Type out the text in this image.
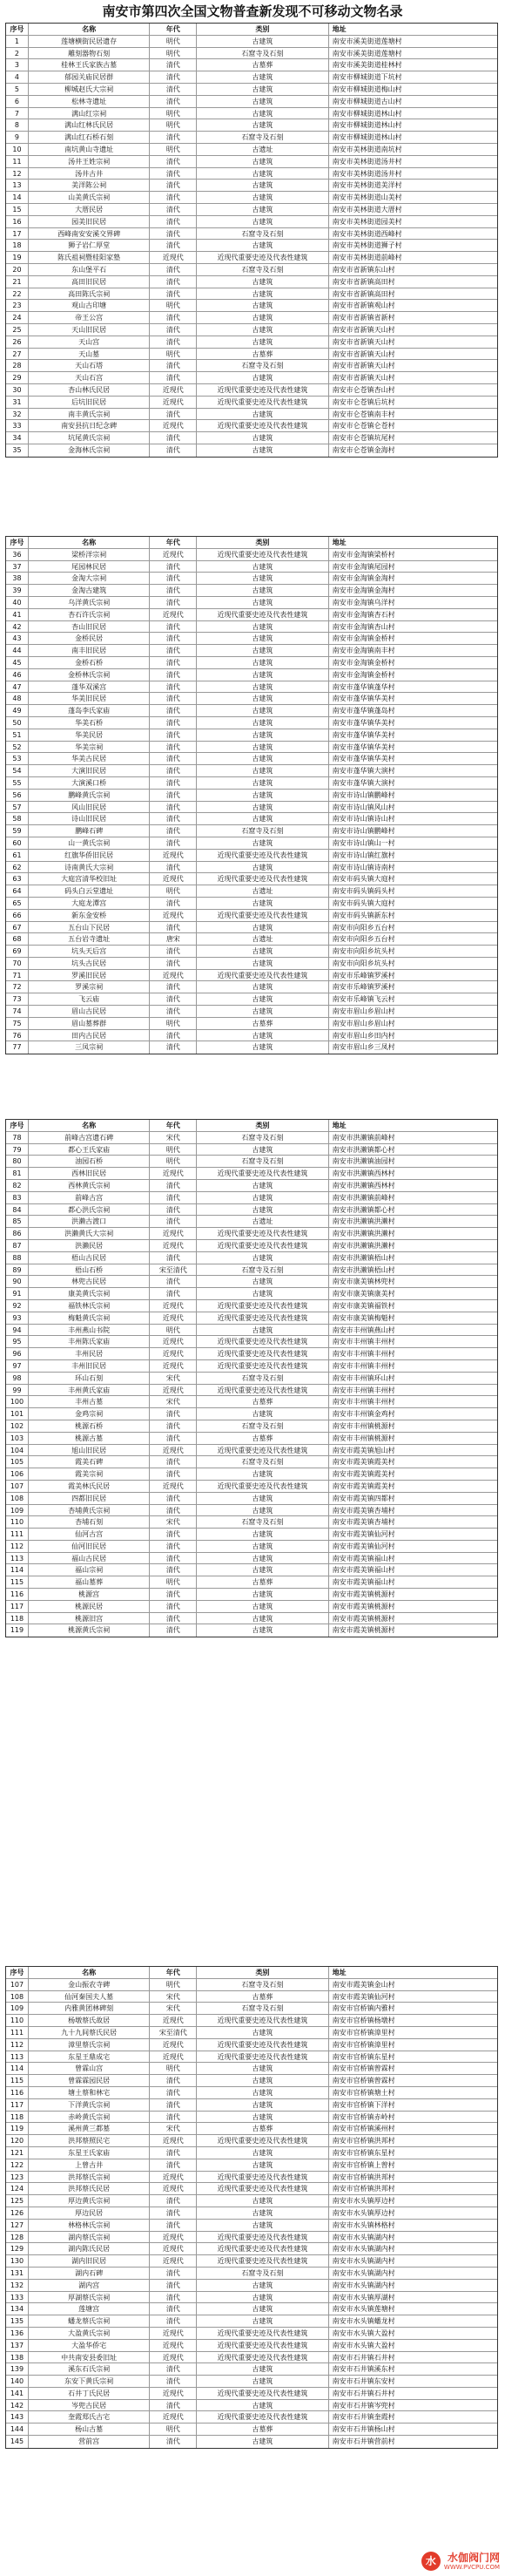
南安市第四次全国文物普查新发现不可移动文物名录
序号	名称	年代	类别	地址
1	莲塘横街民居遗存	明代	古建筑	南安市溪美街道莲塘村
2	雕刻器物石刻	明代	石窟寺及石刻	南安市溪美街道莲塘村
3	桂林王氏家族古墓	清代	古墓葬	南安市溪美街道桂林村
4	郁园关庙民居群	清代	古建筑	南安市柳城街道下坑村
5	柳城赵氏大宗祠	清代	古建筑	南安市柳城街道梅山村
6	松林寺遗址	清代	古建筑	南安市柳城街道古山村
7	满山红宗祠	明代	古建筑	南安市柳城街道林山村
8	满山红林氏民居	明代	古建筑	南安市柳城街道林山村
9	满山红石桥石刻	清代	石窟寺及石刻	南安市柳城街道林山村
10	南坑黄山寺遗址	明代	古遗址	南安市美林街道南坑村
11	汤井王姓宗祠	清代	古建筑	南安市美林街道汤井村
12	汤井古井	清代	古建筑	南安市美林街道汤井村
13	美洋陈公祠	清代	古建筑	南安市美林街道美洋村
14	山美黄氏宗祠	清代	古建筑	南安市美林街道山美村
15	大厝民居	清代	古建筑	南安市美林街道大厝村
16	园美旧民居	清代	古建筑	南安市美林街道园美村
17	西峰南安安溪交界碑	清代	石窟寺及石刻	南安市美林街道西峰村
18	狮子岩仁厚堂	清代	古建筑	南安市美林街道狮子村
19	陈氏祖祠暨桂阳家塾	近现代	近现代重要史迹及代表性建筑	南安市美林街道前峰村
20	东山堡平石	清代	石窟寺及石刻	南安市省新镇东山村
21	高田旧民居	清代	古建筑	南安市省新镇高田村
22	高田陈氏宗祠	清代	古建筑	南安市省新镇高田村
23	观山古印塘	明代	古建筑	南安市省新镇观山村
24	帝王公宫	清代	古建筑	南安市省新镇省新村
25	天山旧民居	清代	古建筑	南安市省新镇天山村
26	天山宫	清代	古建筑	南安市省新镇天山村
27	天山墓	明代	古墓葬	南安市省新镇天山村
28	天山石塔	清代	石窟寺及石刻	南安市省新镇天山村
29	天山石宫	清代	古建筑	南安市省新镇天山村
30	杏山林氏民居	近现代	近现代重要史迹及代表性建筑	南安市仑苍镇杏山村
31	后坑旧民居	近现代	近现代重要史迹及代表性建筑	南安市仑苍镇后坑村
32	南丰黄氏宗祠	清代	古建筑	南安市仑苍镇南丰村
33	南安县抗日纪念碑	近现代	近现代重要史迹及代表性建筑	南安市仑苍镇仑苍村
34	坑尾黄氏宗祠	清代	古建筑	南安市仑苍镇坑尾村
35	金海林氏宗祠	清代	古建筑	南安市仑苍镇金海村
序号	名称	年代	类别	地址
36	梁桥洋宗祠	近现代	近现代重要史迹及代表性建筑	南安市金淘镇梁桥村
37	尾园林民居	清代	古建筑	南安市金淘镇尾园村
38	金淘大宗祠	清代	古建筑	南安市金淘镇金淘村
39	金淘古建筑	清代	古建筑	南安市金淘镇金淘村
40	乌洋黄氏宗祠	清代	古建筑	南安市金淘镇乌洋村
41	杏石许氏宗祠	近现代	近现代重要史迹及代表性建筑	南安市金淘镇杏石村
42	杏山旧民居	清代	古建筑	南安市金淘镇杏山村
43	金桥民居	清代	古建筑	南安市金淘镇金桥村
44	南丰旧民居	清代	古建筑	南安市金淘镇南丰村
45	金桥石桥	清代	古建筑	南安市金淘镇金桥村
46	金桥林氏宗祠	清代	古建筑	南安市金淘镇金桥村
47	蓬华双溪宫	清代	古建筑	南安市蓬华镇蓬华村
48	华美旧民居	清代	古建筑	南安市蓬华镇华美村
49	蓬岛李氏家庙	清代	古建筑	南安市蓬华镇蓬岛村
50	华美石桥	清代	古建筑	南安市蓬华镇华美村
51	华美民居	清代	古建筑	南安市蓬华镇华美村
52	华美宗祠	清代	古建筑	南安市蓬华镇华美村
53	华美古民居	清代	古建筑	南安市蓬华镇华美村
54	大演旧民居	清代	古建筑	南安市蓬华镇大演村
55	大演溪口桥	清代	古建筑	南安市蓬华镇大演村
56	鹏峰黄氏宗祠	清代	古建筑	南安市诗山镇鹏峰村
57	风山旧民居	清代	古建筑	南安市诗山镇风山村
58	诗山旧民居	清代	古建筑	南安市诗山镇诗山村
59	鹏峰石碑	清代	石窟寺及石刻	南安市诗山镇鹏峰村
60	山一黄氏宗祠	清代	古建筑	南安市诗山镇山一村
61	红旗华侨旧民居	近现代	近现代重要史迹及代表性建筑	南安市诗山镇红旗村
62	诗南黄氏大宗祠	清代	古建筑	南安市诗山镇诗南村
63	大庭宫清华校旧址	近现代	近现代重要史迹及代表性建筑	南安市码头镇大庭村
64	码头白云堂遗址	明代	古遗址	南安市码头镇码头村
65	大庭龙潭宫	清代	古建筑	南安市码头镇大庭村
66	新东金安桥	近现代	近现代重要史迹及代表性建筑	南安市码头镇新东村
67	五台山下民居	清代	古建筑	南安市向阳乡五台村
68	五台岩寺遗址	唐宋	古遗址	南安市向阳乡五台村
69	坑头天后宫	清代	古建筑	南安市向阳乡坑头村
70	坑头古民居	清代	古建筑	南安市向阳乡坑头村
71	罗溪旧民居	近现代	近现代重要史迹及代表性建筑	南安市乐峰镇罗溪村
72	罗溪宗祠	清代	古建筑	南安市乐峰镇罗溪村
73	飞云庙	清代	古建筑	南安市乐峰镇飞云村
74	眉山古民居	清代	古建筑	南安市眉山乡眉山村
75	眉山墓葬群	明代	古墓葬	南安市眉山乡眉山村
76	田内古民居	清代	古建筑	南安市眉山乡田内村
77	三凤宗祠	清代	古建筑	南安市眉山乡三凤村
序号	名称	年代	类别	地址
78	前峰古宫遗石碑	宋代	石窟寺及石刻	南安市洪濑镇前峰村
79	都心王氏家庙	明代	古建筑	南安市洪濑镇都心村
80	油园石桥	明代	石窟寺及石刻	南安市洪濑镇油园村
81	西林旧民居	近现代	近现代重要史迹及代表性建筑	南安市洪濑镇西林村
82	西林黄氏宗祠	清代	古建筑	南安市洪濑镇西林村
83	前峰古宫	清代	古建筑	南安市洪濑镇前峰村
84	都心洪氏宗祠	清代	古建筑	南安市洪濑镇都心村
85	洪濑古渡口	清代	古遗址	南安市洪濑镇洪濑村
86	洪濑黄氏大宗祠	近现代	近现代重要史迹及代表性建筑	南安市洪濑镇洪濑村
87	洪濑民居	近现代	近现代重要史迹及代表性建筑	南安市洪濑镇洪濑村
88	梧山古民居	清代	古建筑	南安市洪濑镇梧山村
89	梧山石桥	宋至清代	石窟寺及石刻	南安市洪濑镇梧山村
90	林兜古民居	清代	古建筑	南安市康美镇林兜村
91	康美黄氏宗祠	清代	古建筑	南安市康美镇康美村
92	福铁林氏宗祠	近现代	近现代重要史迹及代表性建筑	南安市康美镇福铁村
93	梅魁黄氏宗祠	近现代	近现代重要史迹及代表性建筑	南安市康美镇梅魁村
94	丰州燕山书院	明代	古建筑	南安市丰州镇燕山村
95	丰州陈氏家庙	近现代	近现代重要史迹及代表性建筑	南安市丰州镇丰州村
96	丰州民居	近现代	近现代重要史迹及代表性建筑	南安市丰州镇丰州村
97	丰州旧民居	近现代	近现代重要史迹及代表性建筑	南安市丰州镇丰州村
98	环山石刻	宋代	石窟寺及石刻	南安市丰州镇环山村
99	丰州黄氏家庙	近现代	近现代重要史迹及代表性建筑	南安市丰州镇丰州村
100	丰州古墓	宋代	古墓葬	南安市丰州镇丰州村
101	金鸡宗祠	清代	古建筑	南安市丰州镇金鸡村
102	桃源石桥	清代	石窟寺及石刻	南安市丰州镇桃源村
103	桃源古墓	清代	古墓葬	南安市丰州镇桃源村
104	旭山旧民居	近现代	近现代重要史迹及代表性建筑	南安市霞美镇旭山村
105	霞美石碑	清代	石窟寺及石刻	南安市霞美镇霞美村
106	霞美宗祠	清代	古建筑	南安市霞美镇霞美村
107	霞美林氏民居	近现代	近现代重要史迹及代表性建筑	南安市霞美镇霞美村
108	四都旧民居	清代	古建筑	南安市霞美镇四都村
109	杏埔黄氏宗祠	清代	古建筑	南安市霞美镇杏埔村
110	杏埔石刻	宋代	石窟寺及石刻	南安市霞美镇杏埔村
111	仙河古宫	清代	古建筑	南安市霞美镇仙河村
112	仙河旧民居	清代	古建筑	南安市霞美镇仙河村
113	福山古民居	清代	古建筑	南安市霞美镇福山村
114	福山宗祠	清代	古建筑	南安市霞美镇福山村
115	福山墓葬	明代	古墓葬	南安市霞美镇福山村
116	桃源宫	清代	古建筑	南安市霞美镇桃源村
117	桃源民居	清代	古建筑	南安市霞美镇桃源村
118	桃源旧宫	清代	古建筑	南安市霞美镇桃源村
119	桃源黄氏宗祠	清代	古建筑	南安市霞美镇桃源村
序号	名称	年代	类别	地址
107	金山振农寺碑	明代	石窟寺及石刻	南安市霞美镇金山村
108	仙河秦国夫人墓	宋代	古墓葬	南安市霞美镇仙河村
109	内雅黄团林碑刻	宋代	石窟寺及石刻	南安市官桥镇内雅村
110	杨墩蔡氏故居	近现代	近现代重要史迹及代表性建筑	南安市官桥镇杨墩村
111	九十九间蔡氏民居	宋至清代	古建筑	南安市官桥镇漳里村
112	漳里蔡氏宗祠	近现代	近现代重要史迹及代表性建筑	南安市官桥镇漳里村
113	东星王鼎成宅	近现代	近现代重要史迹及代表性建筑	南安市官桥镇东星村
114	曾霖山宫	明代	古建筑	南安市官桥镇曾霖村
115	曾霖霖园民居	清代	古建筑	南安市官桥镇曾霖村
116	塘土蔡和林宅	清代	古建筑	南安市官桥镇塘土村
117	下洋黄氏宗祠	清代	古建筑	南安市官桥镇下洋村
118	赤岭黄氏宗祠	清代	古建筑	南安市官桥镇赤岭村
119	溪州黄三都墓	宋代	古墓葬	南安市官桥镇溪州村
120	洪邦蔡照民宅	近现代	近现代重要史迹及代表性建筑	南安市官桥镇洪邦村
121	东星王氏家庙	清代	古建筑	南安市官桥镇东星村
122	上曾古井	清代	古建筑	南安市官桥镇上曾村
123	洪邦蔡氏宗祠	近现代	近现代重要史迹及代表性建筑	南安市官桥镇洪邦村
124	洪邦蔡氏民居	近现代	近现代重要史迹及代表性建筑	南安市官桥镇洪邦村
125	厚边黄氏宗祠	清代	古建筑	南安市水头镇厚边村
126	厚边民居	清代	古建筑	南安市水头镇厚边村
127	林格林氏宗祠	清代	古建筑	南安市水头镇林格村
128	湖内蔡氏宗祠	近现代	近现代重要史迹及代表性建筑	南安市水头镇湖内村
129	湖内陈氏民居	近现代	近现代重要史迹及代表性建筑	南安市水头镇湖内村
130	湖内旧民居	近现代	近现代重要史迹及代表性建筑	南安市水头镇湖内村
131	湖内石碑	清代	石窟寺及石刻	南安市水头镇湖内村
132	湖内宫	清代	古建筑	南安市水头镇湖内村
133	厚湖蔡氏宗祠	清代	古建筑	南安市水头镇厚湖村
134	莲塘宫	清代	古建筑	南安市水头镇莲塘村
135	蟠龙蔡氏宗祠	清代	古建筑	南安市水头镇蟠龙村
136	大盈黄氏宗祠	近现代	近现代重要史迹及代表性建筑	南安市水头镇大盈村
137	大盈华侨宅	近现代	近现代重要史迹及代表性建筑	南安市水头镇大盈村
138	中共南安县委旧址	近现代	近现代重要史迹及代表性建筑	南安市石井镇石井村
139	溪东石氏宗祠	清代	古建筑	南安市石井镇溪东村
140	东安下黄氏宗祠	清代	古建筑	南安市石井镇东安村
141	石井丁氏民居	近现代	近现代重要史迹及代表性建筑	南安市石井镇石井村
142	岑兜古民居	清代	古建筑	南安市石井镇岑兜村
143	奎霞郑氏古宅	近现代	近现代重要史迹及代表性建筑	南安市石井镇奎霞村
144	杨山古墓	明代	古墓葬	南安市石井镇杨山村
145	营前宫	清代	古建筑	南安市石井镇营前村
水	水伽阀门网
WWW.PVCPU.COM
